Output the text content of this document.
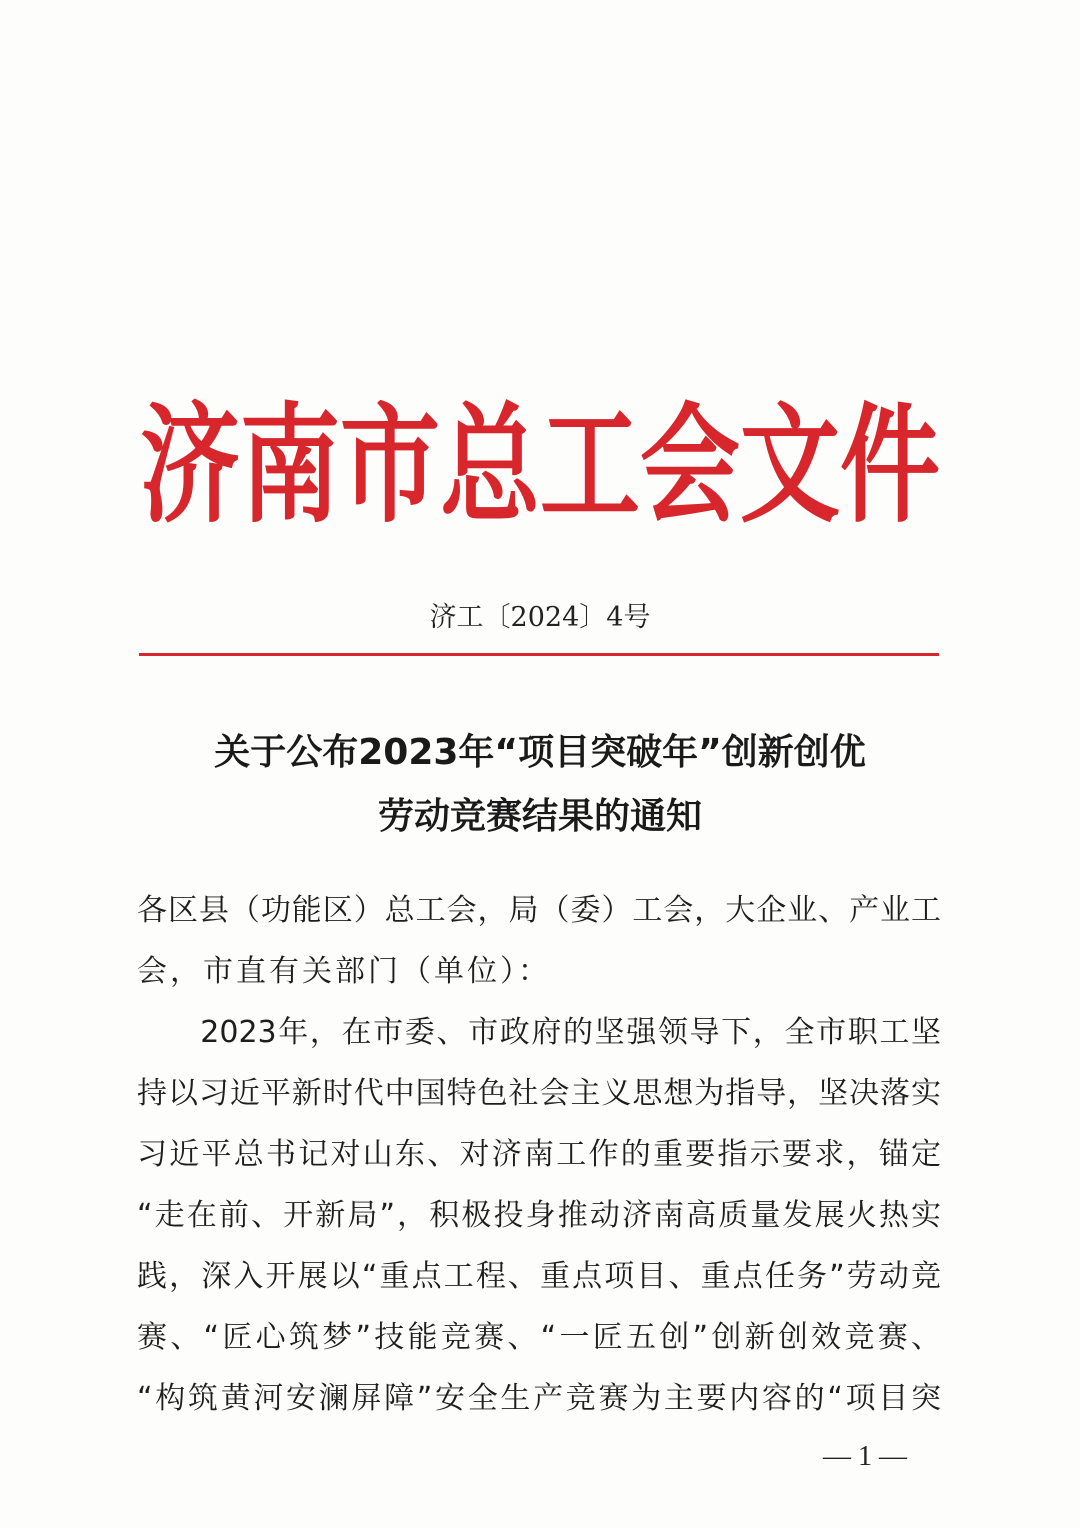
济南市总工会文件
济工〔2024〕4号
关于公布2023年“项目突破年”创新创优
劳动竞赛结果的通知
各区县（功能区）总工会，局（委）工会，大企业、产业工
会，市直有关部门（单位）：
　　2023年，在市委、市政府的坚强领导下，全市职工坚
持以习近平新时代中国特色社会主义思想为指导，坚决落实
习近平总书记对山东、对济南工作的重要指示要求，锚定
“走在前、开新局”，积极投身推动济南高质量发展火热实
践，深入开展以“重点工程、重点项目、重点任务”劳动竞
赛、“匠心筑梦”技能竞赛、“一匠五创”创新创效竞赛、
“构筑黄河安澜屏障”安全生产竞赛为主要内容的“项目突
— 1 —
